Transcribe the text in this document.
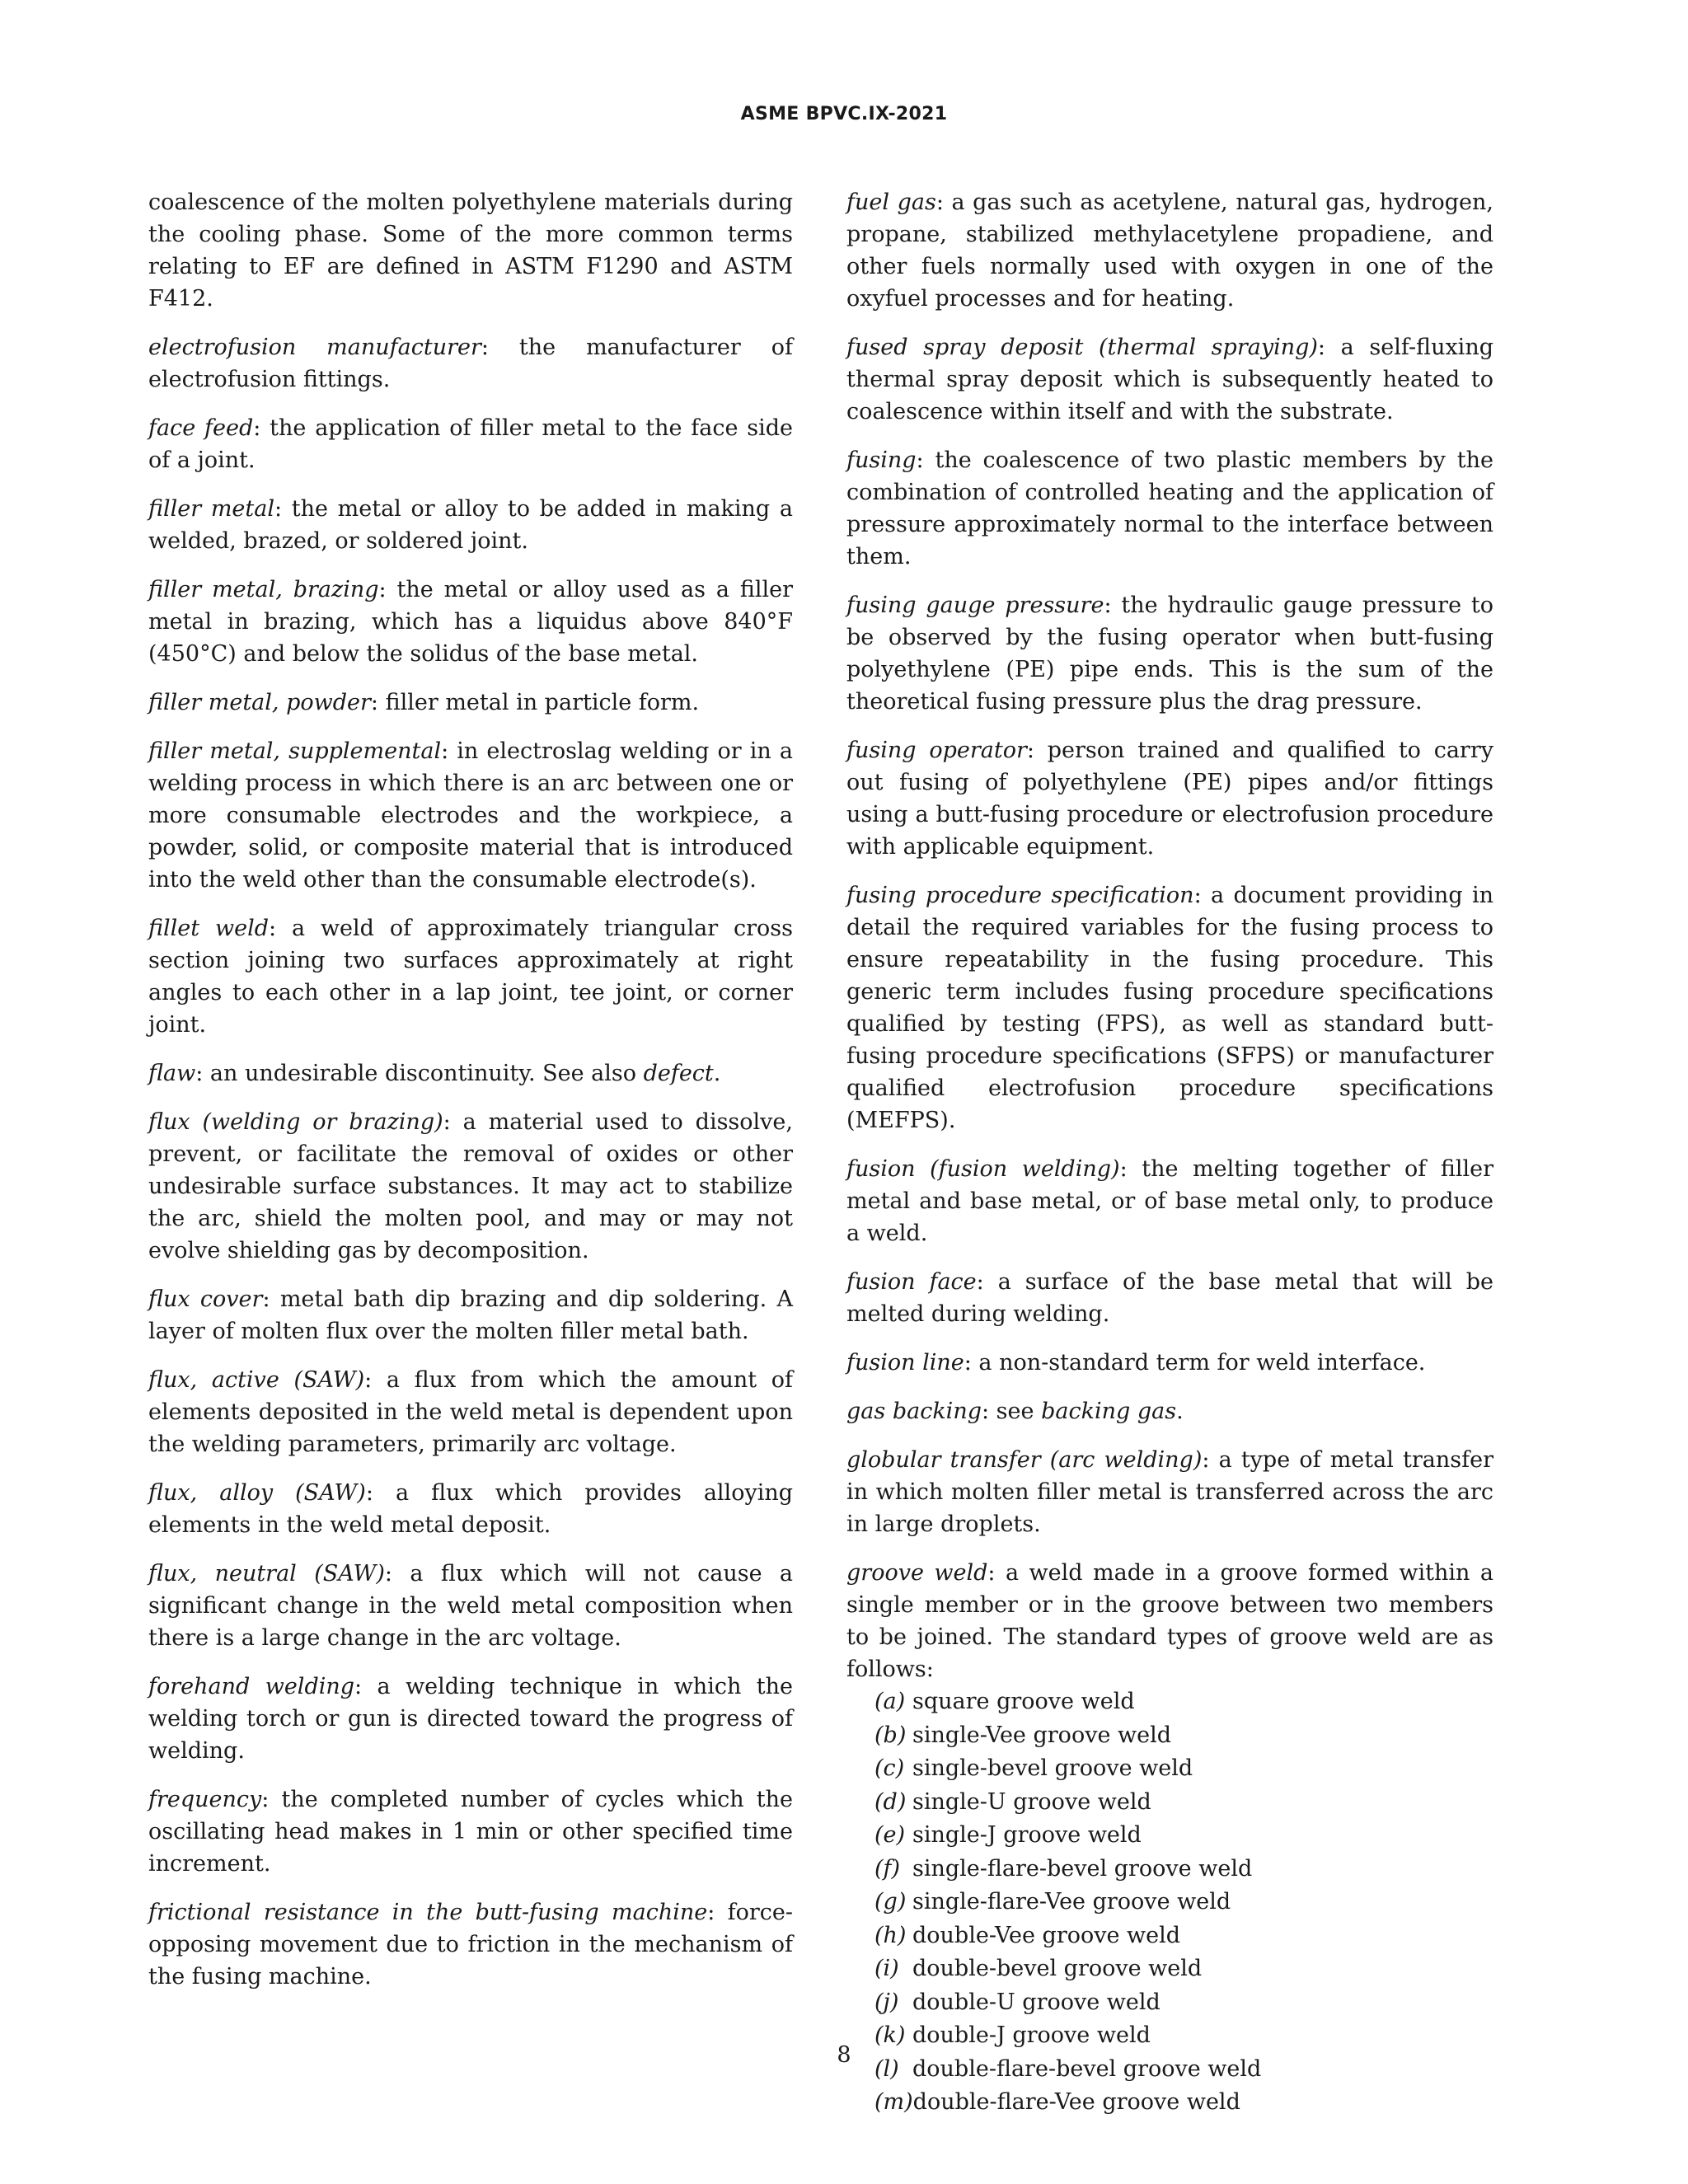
ASME BPVC.IX-2021

coalescence of the molten polyethylene materials during the cooling phase. Some of the more common terms relating to EF are defined in ASTM F1290 and ASTM F412.

electrofusion manufacturer: the manufacturer of electrofusion fittings.

face feed: the application of filler metal to the face side of a joint.

filler metal: the metal or alloy to be added in making a welded, brazed, or soldered joint.

filler metal, brazing: the metal or alloy used as a filler metal in brazing, which has a liquidus above 840°F (450°C) and below the solidus of the base metal.

filler metal, powder: filler metal in particle form.

filler metal, supplemental: in electroslag welding or in a welding process in which there is an arc between one or more consumable electrodes and the workpiece, a powder, solid, or composite material that is introduced into the weld other than the consumable electrode(s).

fillet weld: a weld of approximately triangular cross section joining two surfaces approximately at right angles to each other in a lap joint, tee joint, or corner joint.

flaw: an undesirable discontinuity. See also defect.

flux (welding or brazing): a material used to dissolve, prevent, or facilitate the removal of oxides or other undesirable surface substances. It may act to stabilize the arc, shield the molten pool, and may or may not evolve shielding gas by decomposition.

flux cover: metal bath dip brazing and dip soldering. A layer of molten flux over the molten filler metal bath.

flux, active (SAW): a flux from which the amount of elements deposited in the weld metal is dependent upon the welding parameters, primarily arc voltage.

flux, alloy (SAW): a flux which provides alloying elements in the weld metal deposit.

flux, neutral (SAW): a flux which will not cause a significant change in the weld metal composition when there is a large change in the arc voltage.

forehand welding: a welding technique in which the welding torch or gun is directed toward the progress of welding.

frequency: the completed number of cycles which the oscillating head makes in 1 min or other specified time increment.

frictional resistance in the butt-fusing machine: force-opposing movement due to friction in the mechanism of the fusing machine.

fuel gas: a gas such as acetylene, natural gas, hydrogen, propane, stabilized methylacetylene propadiene, and other fuels normally used with oxygen in one of the oxyfuel processes and for heating.

fused spray deposit (thermal spraying): a self-fluxing thermal spray deposit which is subsequently heated to coalescence within itself and with the substrate.

fusing: the coalescence of two plastic members by the combination of controlled heating and the application of pressure approximately normal to the interface between them.

fusing gauge pressure: the hydraulic gauge pressure to be observed by the fusing operator when butt-fusing polyethylene (PE) pipe ends. This is the sum of the theoretical fusing pressure plus the drag pressure.

fusing operator: person trained and qualified to carry out fusing of polyethylene (PE) pipes and/or fittings using a butt-fusing procedure or electrofusion procedure with applicable equipment.

fusing procedure specification: a document providing in detail the required variables for the fusing process to ensure repeatability in the fusing procedure. This generic term includes fusing procedure specifications qualified by testing (FPS), as well as standard butt-fusing procedure specifications (SFPS) or manufacturer qualified electrofusion procedure specifications (MEFPS).

fusion (fusion welding): the melting together of filler metal and base metal, or of base metal only, to produce a weld.

fusion face: a surface of the base metal that will be melted during welding.

fusion line: a non-standard term for weld interface.

gas backing: see backing gas.

globular transfer (arc welding): a type of metal transfer in which molten filler metal is transferred across the arc in large droplets.

groove weld: a weld made in a groove formed within a single member or in the groove between two members to be joined. The standard types of groove weld are as follows:
(a) square groove weld
(b) single-Vee groove weld
(c) single-bevel groove weld
(d) single-U groove weld
(e) single-J groove weld
(f) single-flare-bevel groove weld
(g) single-flare-Vee groove weld
(h) double-Vee groove weld
(i) double-bevel groove weld
(j) double-U groove weld
(k) double-J groove weld
(l) double-flare-bevel groove weld
(m)double-flare-Vee groove weld
8
